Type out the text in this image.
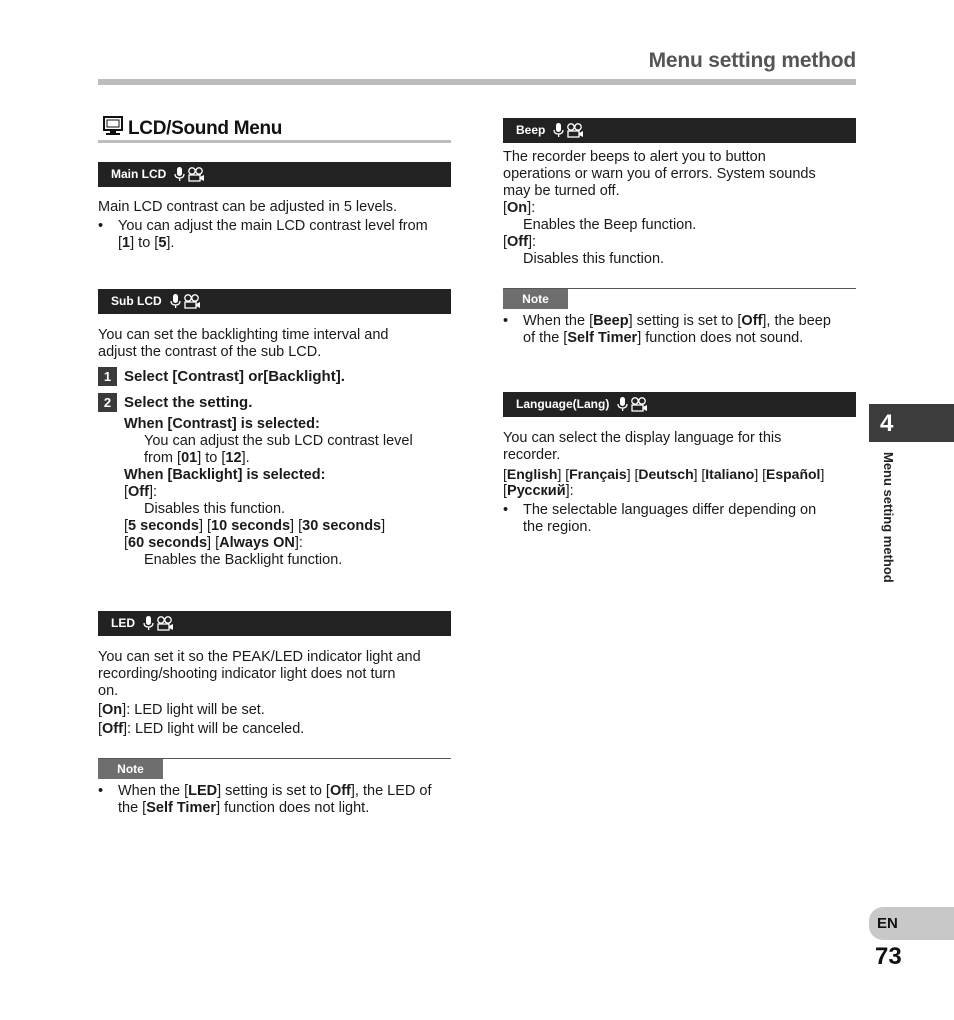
Menu setting method
LCD/Sound Menu
Main LCD

Main LCD contrast can be adjusted in 5 levels.

• You can adjust the main LCD contrast level from
[1] to [5].
Sub LCD

You can set the backlighting time interval and

adjust the contrast of the sub LCD.

1 Select [Contrast] or[Backlight].
2 Select the setting.

When [Contrast] is selected:

You can adjust the sub LCD contrast level

from [01] to [12].

When [Backlight] is selected:

[Off]:

Disables this function.

[5 seconds] [10 seconds] [30 seconds]

[60 seconds] [Always ON]:

Enables the Backlight function.

LED

You can set it so the PEAK/LED indicator light and

recording/shooting indicator light does not turn

on.

[On]: LED light will be set.

[Off]: LED light will be canceled.

Note
• When the [LED] setting is set to [Off], the LED of
the [Self Timer] function does not light.
Beep

The recorder beeps to alert you to button

operations or warn you of errors. System sounds

may be turned off.

[On]:

Enables the Beep function.

[Off]:

Disables this function.

Note
• When the [Beep] setting is set to [Off], the beep
of the [Self Timer] function does not sound.
Language(Lang)

You can select the display language for this

recorder.

[English] [Français] [Deutsch] [Italiano] [Español]

[Русский]:

• The selectable languages differ depending on
the region.
4
Menu setting method
EN
73
